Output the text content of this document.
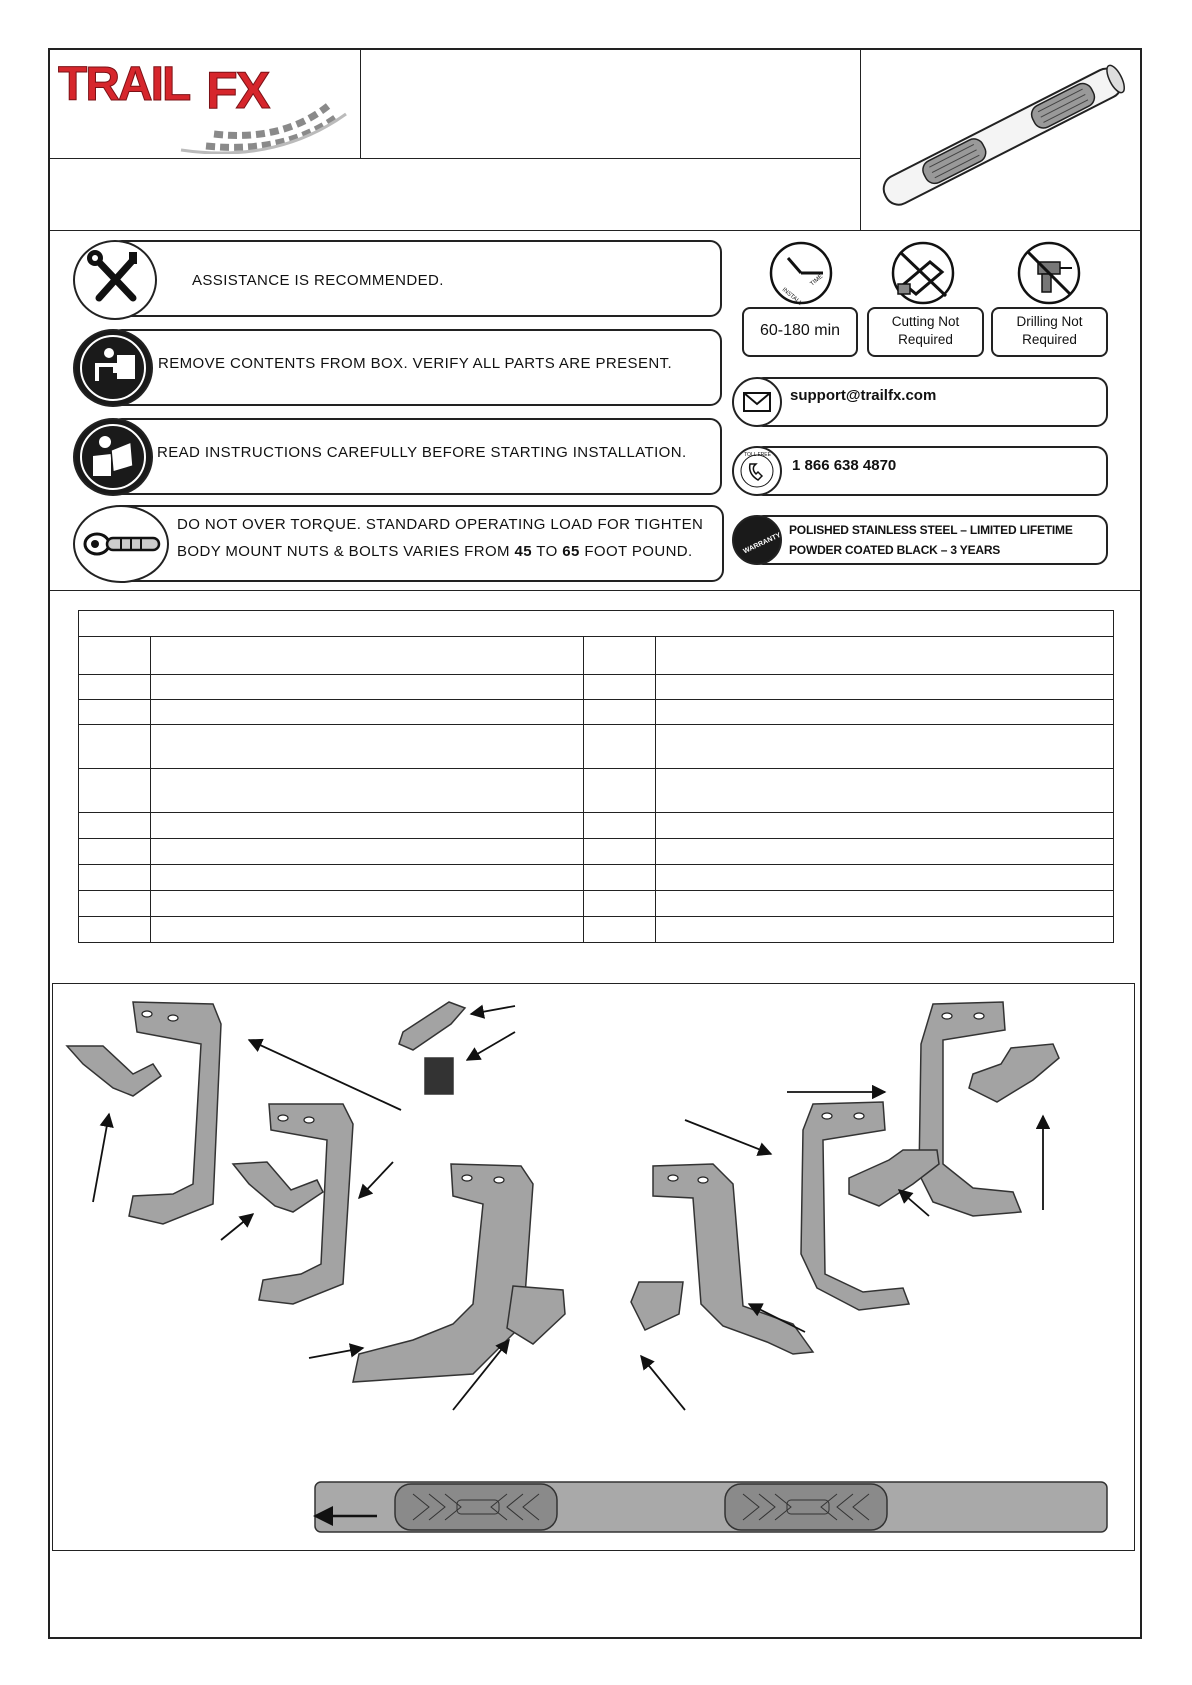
TRAIL FX
ASSISTANCE IS RECOMMENDED.
REMOVE CONTENTS FROM BOX. VERIFY ALL PARTS ARE PRESENT.
READ INSTRUCTIONS CAREFULLY BEFORE STARTING INSTALLATION.
DO NOT OVER TORQUE. STANDARD OPERATING LOAD FOR TIGHTEN
BODY MOUNT NUTS & BOLTS VARIES FROM 45 TO 65 FOOT POUND.
INSTALL
TIME
60-180 min
Cutting Not
Required
Drilling Not
Required
support@trailfx.com
1 866 638 4870
TOLL FREE
POLISHED STAINLESS STEEL – LIMITED LIFETIME
POWDER COATED BLACK – 3 YEARS
WARRANTY
